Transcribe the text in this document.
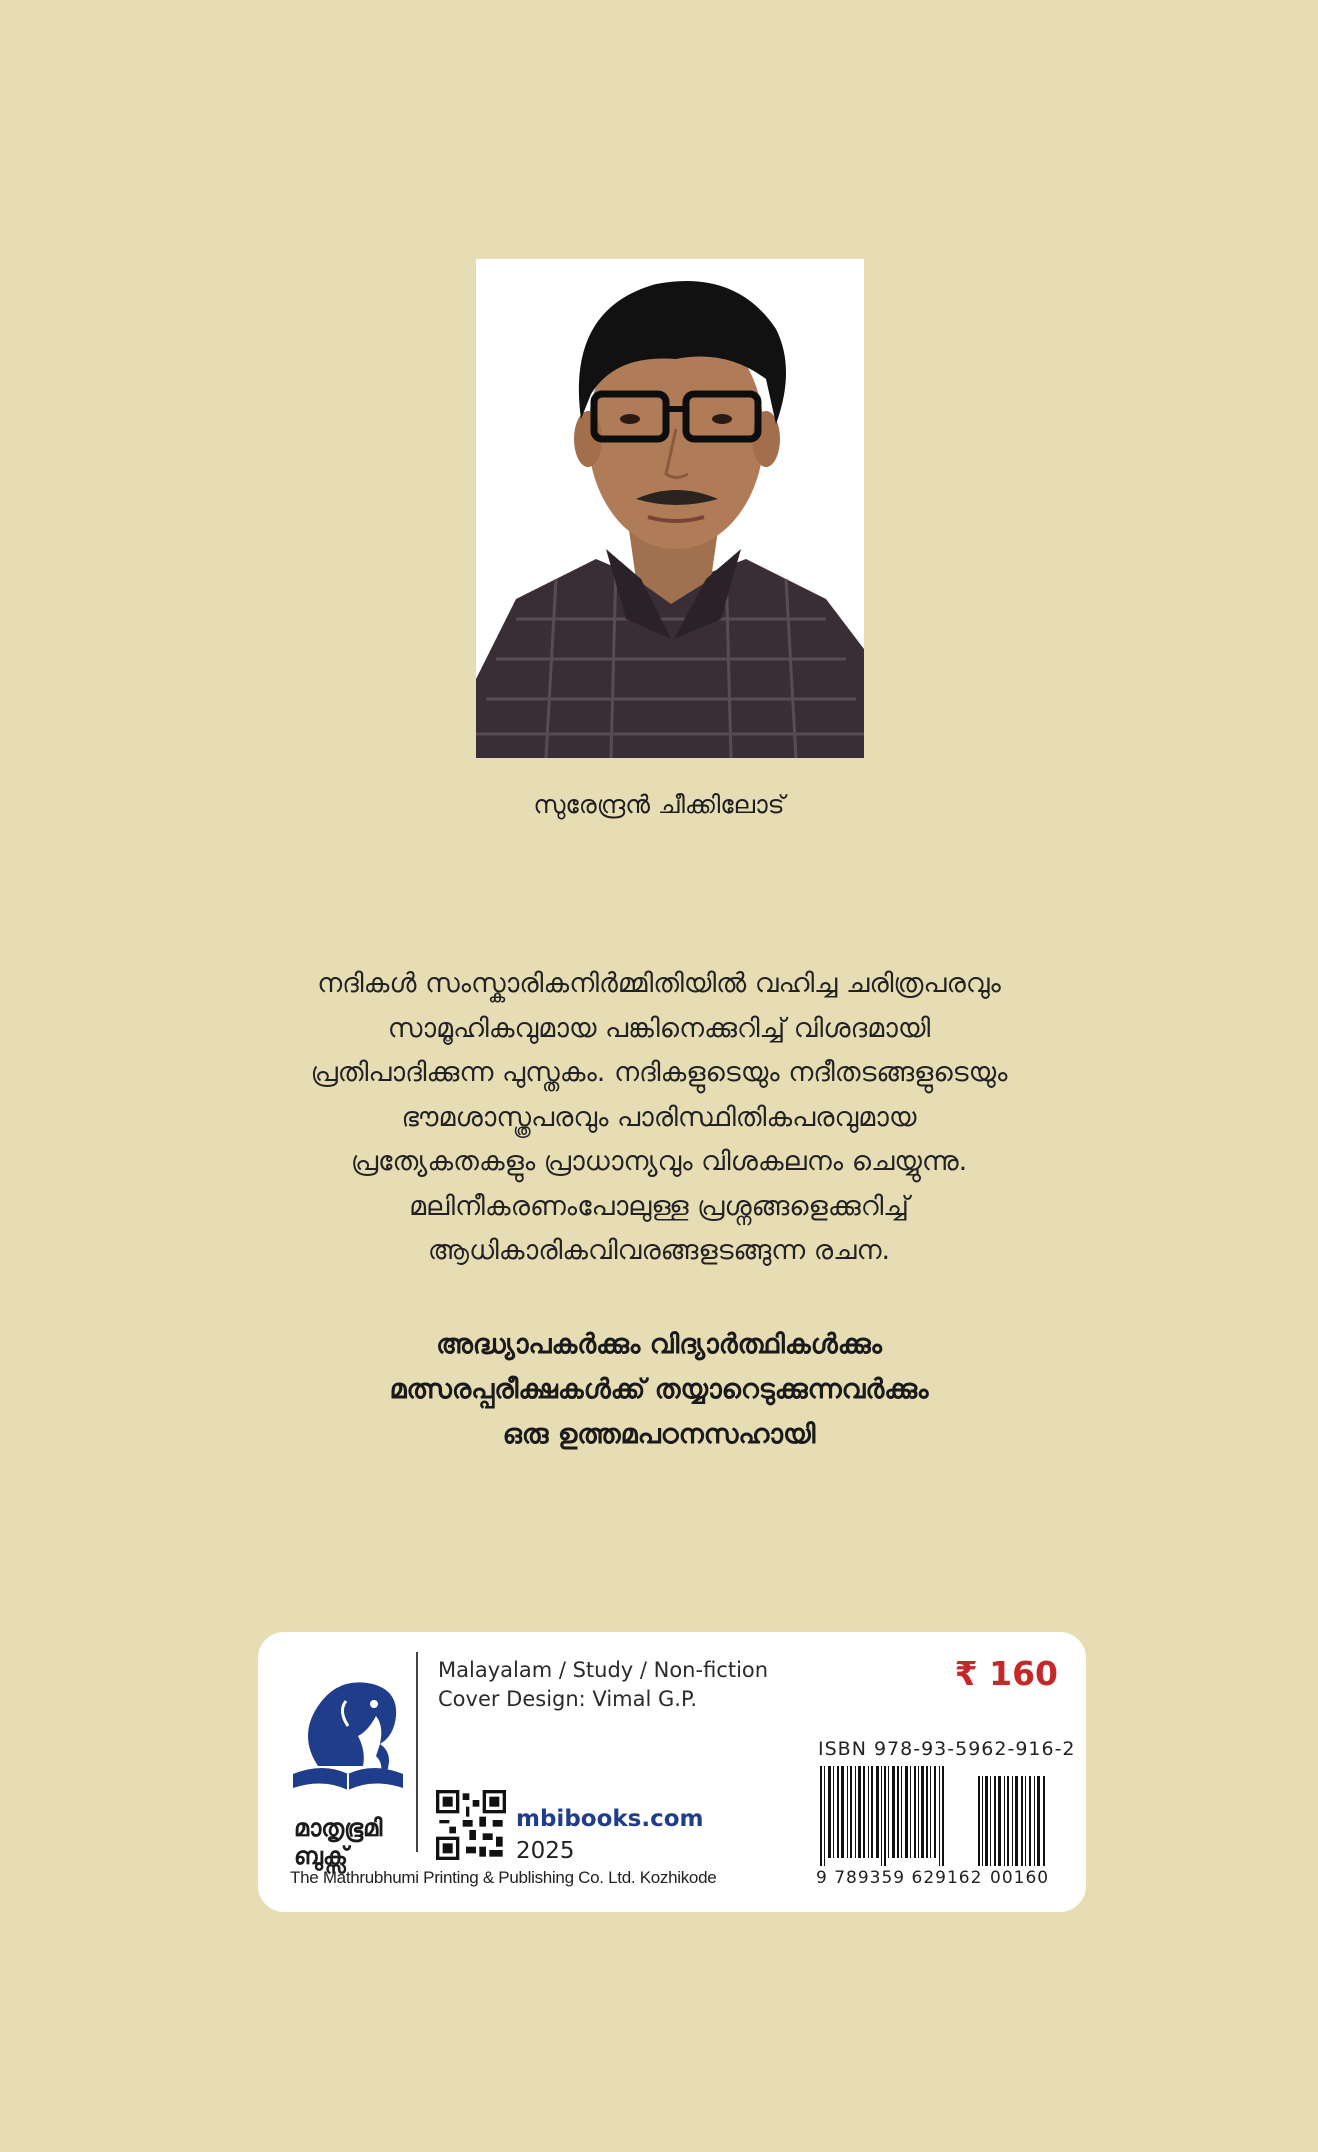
സുരേന്ദ്രൻ ചീക്കിലോട്
നദികൾ സംസ്കാരികനിർമ്മിതിയിൽ വഹിച്ച ചരിത്രപരവും
സാമൂഹികവുമായ പങ്കിനെക്കുറിച്ച് വിശദമായി
പ്രതിപാദിക്കുന്ന പുസ്തകം. നദികളുടെയും നദീതടങ്ങളുടെയും
ഭൗമശാസ്ത്രപരവും പാരിസ്ഥിതികപരവുമായ
പ്രത്യേകതകളും പ്രാധാന്യവും വിശകലനം ചെയ്യുന്നു.
മലിനീകരണംപോലുള്ള പ്രശ്നങ്ങളെക്കുറിച്ച്
ആധികാരികവിവരങ്ങളടങ്ങുന്ന രചന.
അദ്ധ്യാപകർക്കും വിദ്യാർത്ഥികൾക്കും
മത്സരപ്പരീക്ഷകൾക്ക് തയ്യാറെടുക്കുന്നവർക്കും
ഒരു ഉത്തമപഠനസഹായി
മാതൃഭൂമി
ബുക്സ്
The Mathrubhumi Printing & Publishing Co. Ltd. Kozhikode
Malayalam / Study / Non-fiction
Cover Design: Vimal G.P.
₹ 160
mbibooks.com
2025
ISBN 978-93-5962-916-2
9 789359 629162 00160
